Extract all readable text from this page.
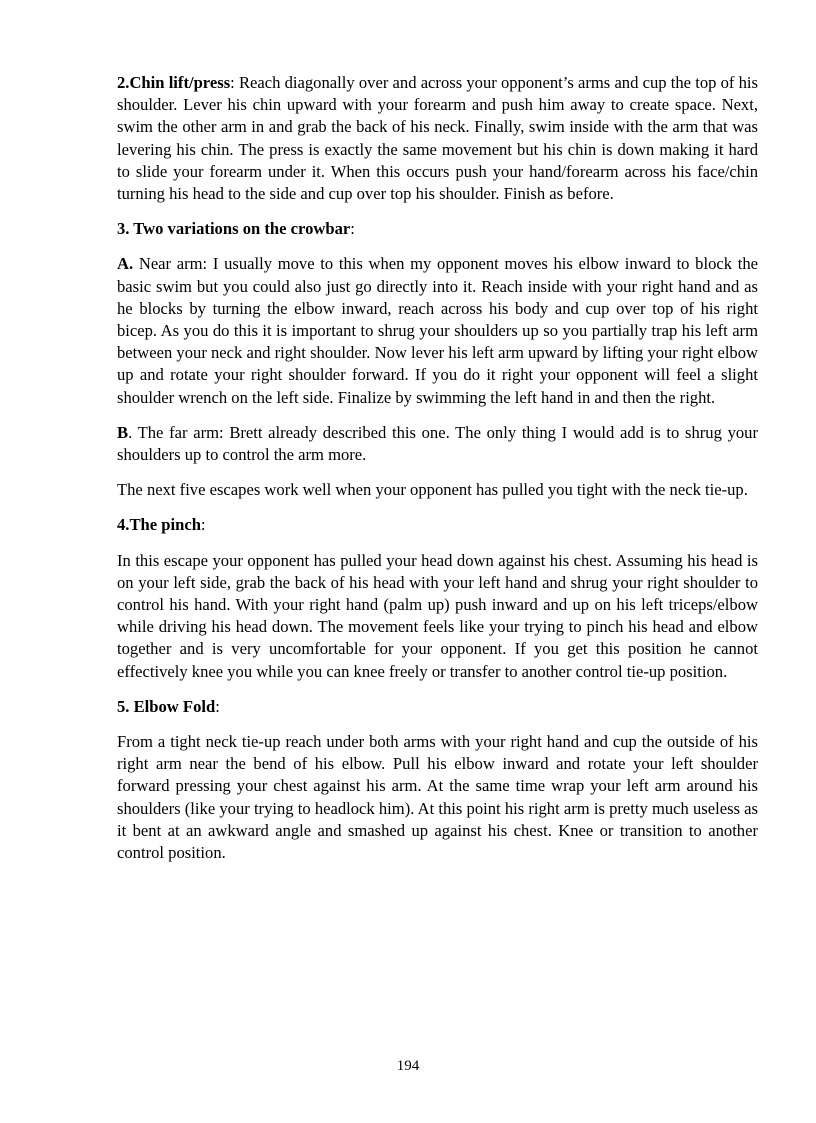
2.Chin lift/press: Reach diagonally over and across your opponent’s arms and cup the top of his shoulder. Lever his chin upward with your forearm and push him away to create space. Next, swim the other arm in and grab the back of his neck. Finally, swim inside with the arm that was levering his chin. The press is exactly the same movement but his chin is down making it hard to slide your forearm under it. When this occurs push your hand/forearm across his face/chin turning his head to the side and cup over top his shoulder. Finish as before.

3. Two variations on the crowbar:

A. Near arm: I usually move to this when my opponent moves his elbow inward to block the basic swim but you could also just go directly into it. Reach inside with your right hand and as he blocks by turning the elbow inward, reach across his body and cup over top of his right bicep. As you do this it is important to shrug your shoulders up so you partially trap his left arm between your neck and right shoulder. Now lever his left arm upward by lifting your right elbow up and rotate your right shoulder forward. If you do it right your opponent will feel a slight shoulder wrench on the left side. Finalize by swimming the left hand in and then the right.

B. The far arm: Brett already described this one. The only thing I would add is to shrug your shoulders up to control the arm more.

The next five escapes work well when your opponent has pulled you tight with the neck tie-up.

4.The pinch:

In this escape your opponent has pulled your head down against his chest. Assuming his head is on your left side, grab the back of his head with your left hand and shrug your right shoulder to control his hand. With your right hand (palm up) push inward and up on his left triceps/elbow while driving his head down. The movement feels like your trying to pinch his head and elbow together and is very uncomfortable for your opponent. If you get this position he cannot effectively knee you while you can knee freely or transfer to another control tie-up position.

5. Elbow Fold:

From a tight neck tie-up reach under both arms with your right hand and cup the outside of his right arm near the bend of his elbow. Pull his elbow inward and rotate your left shoulder forward pressing your chest against his arm. At the same time wrap your left arm around his shoulders (like your trying to headlock him). At this point his right arm is pretty much useless as it bent at an awkward angle and smashed up against his chest. Knee or transition to another control position.

194
